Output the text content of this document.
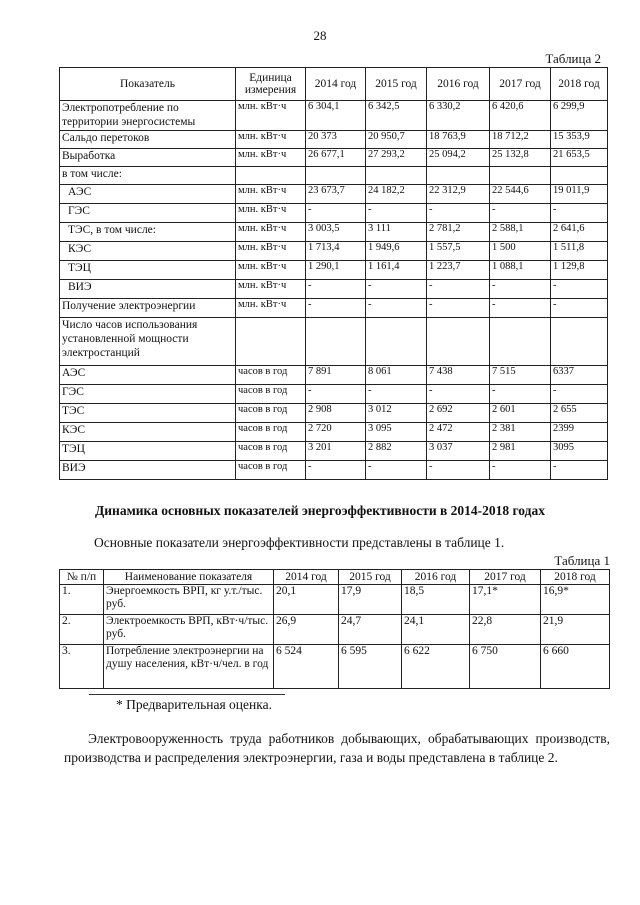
28
Таблица 2
Показатель	Единица измерения	2014 год	2015 год	2016 год	2017 год	2018 год
Электропотребление по территории энергосистемы	млн. кВт·ч	6 304,1	6 342,5	6 330,2	6 420,6	6 299,9
Сальдо перетоков	млн. кВт·ч	20 373	20 950,7	18 763,9	18 712,2	15 353,9
Выработка	млн. кВт·ч	26 677,1	27 293,2	25 094,2	25 132,8	21 653,5
в том числе:						
АЭС	млн. кВт·ч	23 673,7	24 182,2	22 312,9	22 544,6	19 011,9
ГЭС	млн. кВт·ч	-	-	-	-	-
ТЭС, в том числе:	млн. кВт·ч	3 003,5	3 111	2 781,2	2 588,1	2 641,6
КЭС	млн. кВт·ч	1 713,4	1 949,6	1 557,5	1 500	1 511,8
ТЭЦ	млн. кВт·ч	1 290,1	1 161,4	1 223,7	1 088,1	1 129,8
ВИЭ	млн. кВт·ч	-	-	-	-	-
Получение электроэнергии	млн. кВт·ч	-	-	-	-	-
Число часов использования установленной мощности электростанций						
АЭС	часов в год	7 891	8 061	7 438	7 515	6337
ГЭС	часов в год	-	-	-	-	-
ТЭС	часов в год	2 908	3 012	2 692	2 601	2 655
КЭС	часов в год	2 720	3 095	2 472	2 381	2399
ТЭЦ	часов в год	3 201	2 882	3 037	2 981	3095
ВИЭ	часов в год	-	-	-	-	-
Динамика основных показателей энергоэффективности в 2014-2018 годах
Основные показатели энергоэффективности представлены в таблице 1.
Таблица 1
№ п/п	Наименование показателя	2014 год	2015 год	2016 год	2017 год	2018 год
1.	Энергоемкость ВРП, кг у.т./тыс. руб.	20,1	17,9	18,5	17,1*	16,9*
2.	Электроемкость ВРП, кВт·ч/тыс. руб.	26,9	24,7	24,1	22,8	21,9
3.	Потребление электроэнергии на душу населения, кВт·ч/чел. в год	6 524	6 595	6 622	6 750	6 660
* Предварительная оценка.
Электровооруженность труда работников добывающих, обрабатывающих производств, производства и распределения электроэнергии, газа и воды представлена в таблице 2.
